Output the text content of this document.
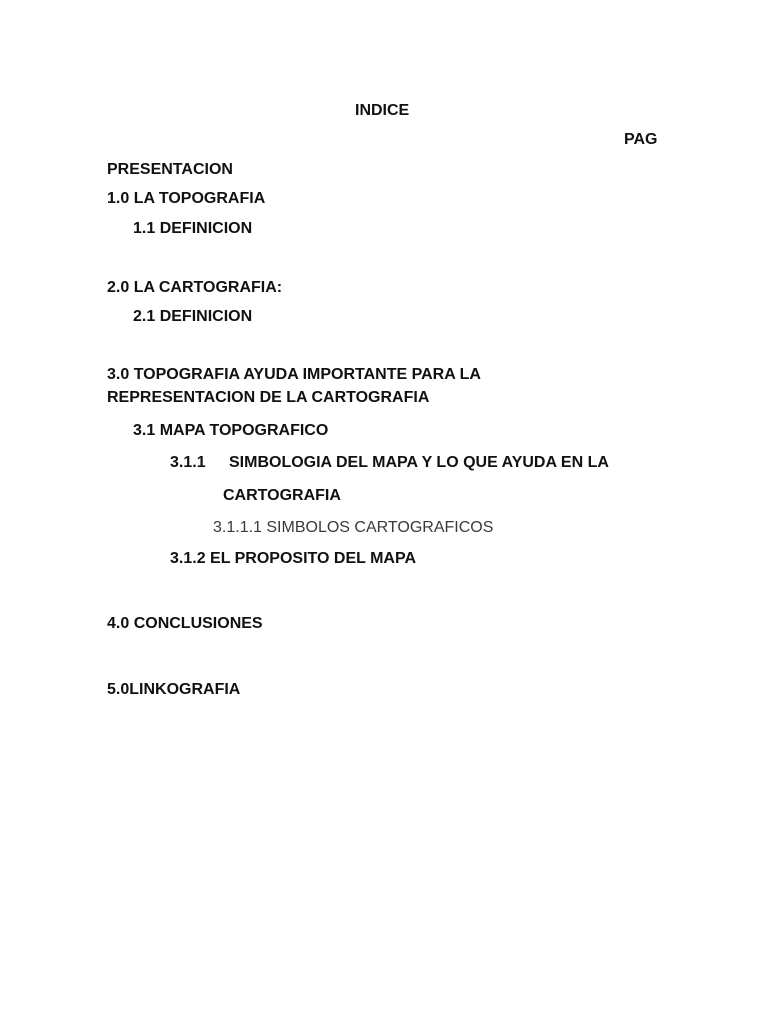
INDICE
PAG
PRESENTACION
1.0 LA TOPOGRAFIA
1.1 DEFINICION
2.0 LA CARTOGRAFIA:
2.1 DEFINICION
3.0 TOPOGRAFIA AYUDA IMPORTANTE PARA LA
REPRESENTACION DE LA CARTOGRAFIA
3.1 MAPA TOPOGRAFICO
3.1.1 SIMBOLOGIA DEL MAPA Y LO QUE AYUDA EN LA
CARTOGRAFIA
3.1.1.1 SIMBOLOS CARTOGRAFICOS
3.1.2 EL PROPOSITO DEL MAPA
4.0 CONCLUSIONES
5.0LINKOGRAFIA
